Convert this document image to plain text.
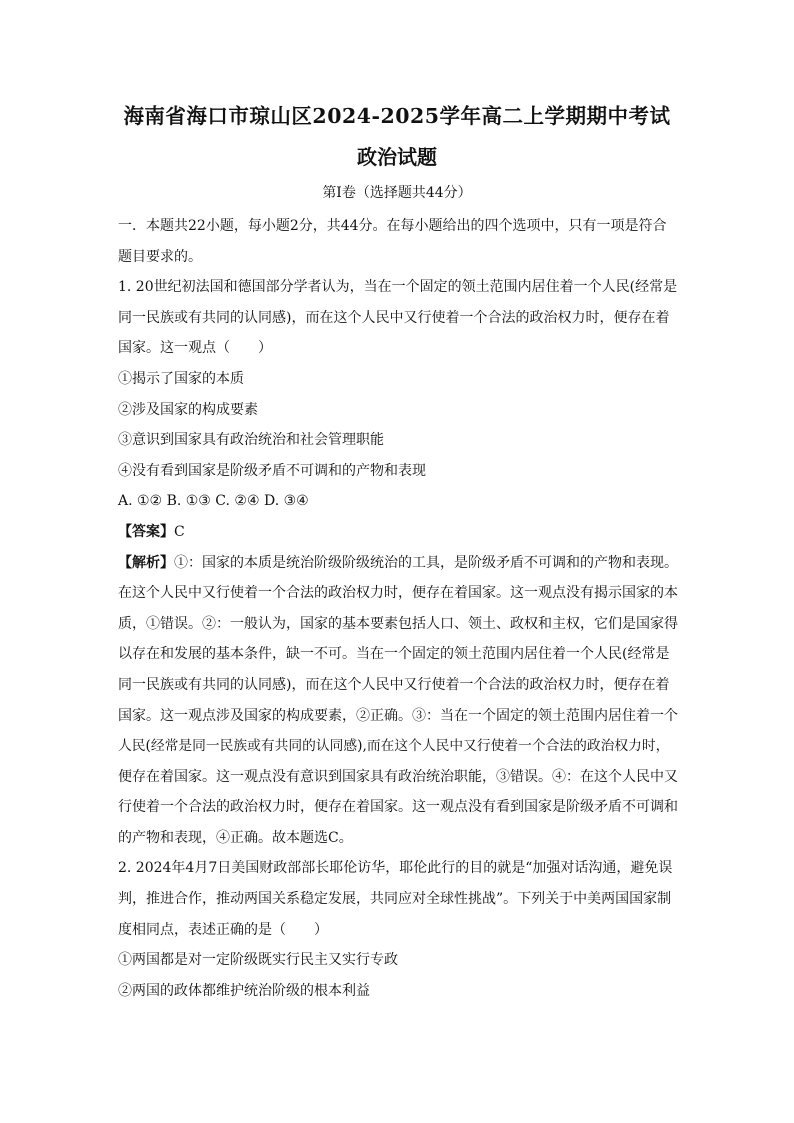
海南省海口市琼山区2024-2025学年高二上学期期中考试
政治试题
第Ⅰ卷（选择题共44分）
一．本题共22小题，每小题2分，共44分。在每小题给出的四个选项中，只有一项是符合
题目要求的。
1. 20世纪初法国和德国部分学者认为，当在一个固定的领土范围内居住着一个人民(经常是
同一民族或有共同的认同感)，而在这个人民中又行使着一个合法的政治权力时，便存在着
国家。这一观点（　　）
①揭示了国家的本质
②涉及国家的构成要素
③意识到国家具有政治统治和社会管理职能
④没有看到国家是阶级矛盾不可调和的产物和表现
A. ①② B. ①③ C. ②④ D. ③④
【答案】C
【解析】①：国家的本质是统治阶级阶级统治的工具，是阶级矛盾不可调和的产物和表现。
在这个人民中又行使着一个合法的政治权力时，便存在着国家。这一观点没有揭示国家的本
质，①错误。②：一般认为，国家的基本要素包括人口、领土、政权和主权，它们是国家得
以存在和发展的基本条件，缺一不可。当在一个固定的领土范围内居住着一个人民(经常是
同一民族或有共同的认同感)，而在这个人民中又行使着一个合法的政治权力时，便存在着
国家。这一观点涉及国家的构成要素，②正确。③：当在一个固定的领土范围内居住着一个
人民(经常是同一民族或有共同的认同感),而在这个人民中又行使着一个合法的政治权力时，
便存在着国家。这一观点没有意识到国家具有政治统治职能，③错误。④：在这个人民中又
行使着一个合法的政治权力时，便存在着国家。这一观点没有看到国家是阶级矛盾不可调和
的产物和表现，④正确。故本题选C。
2. 2024年4月7日美国财政部部长耶伦访华，耶伦此行的目的就是“加强对话沟通，避免误
判，推进合作，推动两国关系稳定发展，共同应对全球性挑战”。下列关于中美两国国家制
度相同点，表述正确的是（　　）
①两国都是对一定阶级既实行民主又实行专政
②两国的政体都维护统治阶级的根本利益
